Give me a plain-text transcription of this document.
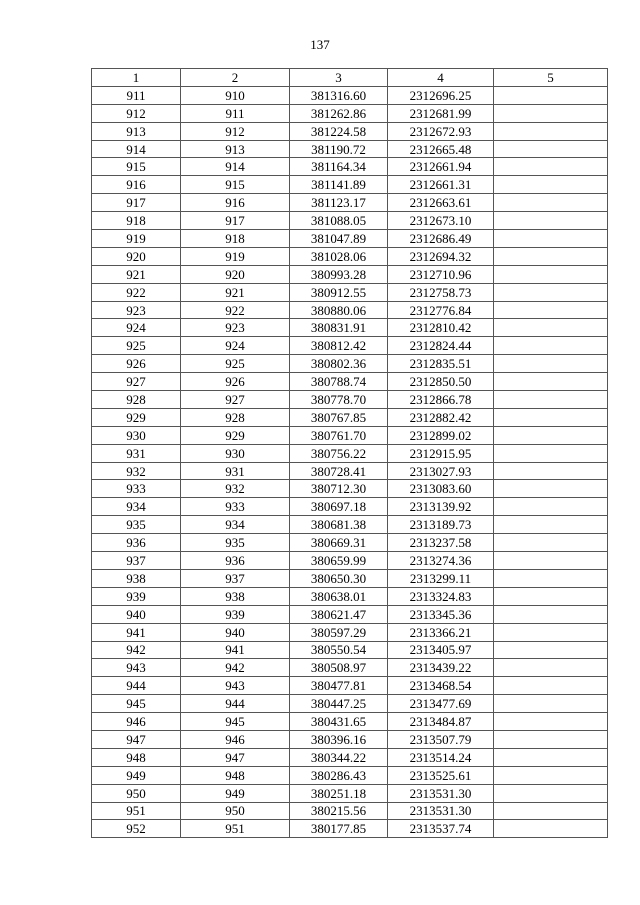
137
1	2	3	4	5
911	910	381316.60	2312696.25	
912	911	381262.86	2312681.99	
913	912	381224.58	2312672.93	
914	913	381190.72	2312665.48	
915	914	381164.34	2312661.94	
916	915	381141.89	2312661.31	
917	916	381123.17	2312663.61	
918	917	381088.05	2312673.10	
919	918	381047.89	2312686.49	
920	919	381028.06	2312694.32	
921	920	380993.28	2312710.96	
922	921	380912.55	2312758.73	
923	922	380880.06	2312776.84	
924	923	380831.91	2312810.42	
925	924	380812.42	2312824.44	
926	925	380802.36	2312835.51	
927	926	380788.74	2312850.50	
928	927	380778.70	2312866.78	
929	928	380767.85	2312882.42	
930	929	380761.70	2312899.02	
931	930	380756.22	2312915.95	
932	931	380728.41	2313027.93	
933	932	380712.30	2313083.60	
934	933	380697.18	2313139.92	
935	934	380681.38	2313189.73	
936	935	380669.31	2313237.58	
937	936	380659.99	2313274.36	
938	937	380650.30	2313299.11	
939	938	380638.01	2313324.83	
940	939	380621.47	2313345.36	
941	940	380597.29	2313366.21	
942	941	380550.54	2313405.97	
943	942	380508.97	2313439.22	
944	943	380477.81	2313468.54	
945	944	380447.25	2313477.69	
946	945	380431.65	2313484.87	
947	946	380396.16	2313507.79	
948	947	380344.22	2313514.24	
949	948	380286.43	2313525.61	
950	949	380251.18	2313531.30	
951	950	380215.56	2313531.30	
952	951	380177.85	2313537.74	
